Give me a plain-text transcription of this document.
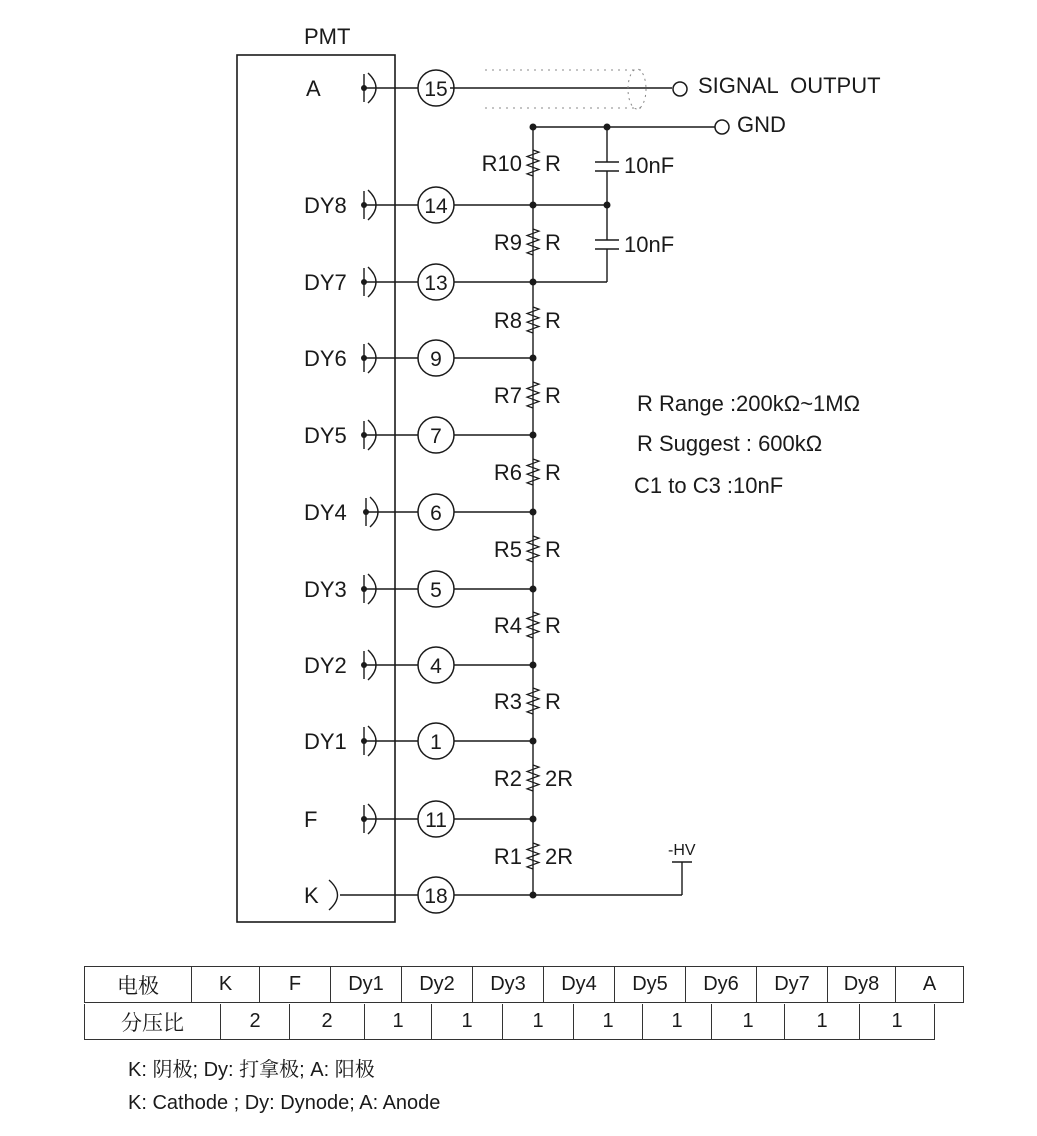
PMT
A	15
DY8	14
DY7	13
DY6	9
DY5	7
DY4	6
DY3	5
DY2	4
DY1	1
F	11
K	18
R10 R
R9 R
R8 R
R7 R
R6 R
R5 R
R4 R
R3 R
R2 2R
R1 2R
SIGNAL  OUTPUT
GND
10nF
10nF
-HV
R Range :200kΩ~1MΩ
R Suggest : 600kΩ
C1 to C3 :10nF
电极	K	F	Dy1	Dy2	Dy3	Dy4	Dy5	Dy6	Dy7	Dy8	A
分压比	2	2	1	1	1	1	1	1	1	1
K: 阴极; Dy: 打拿极; A: 阳极
K: Cathode ; Dy: Dynode; A: Anode
